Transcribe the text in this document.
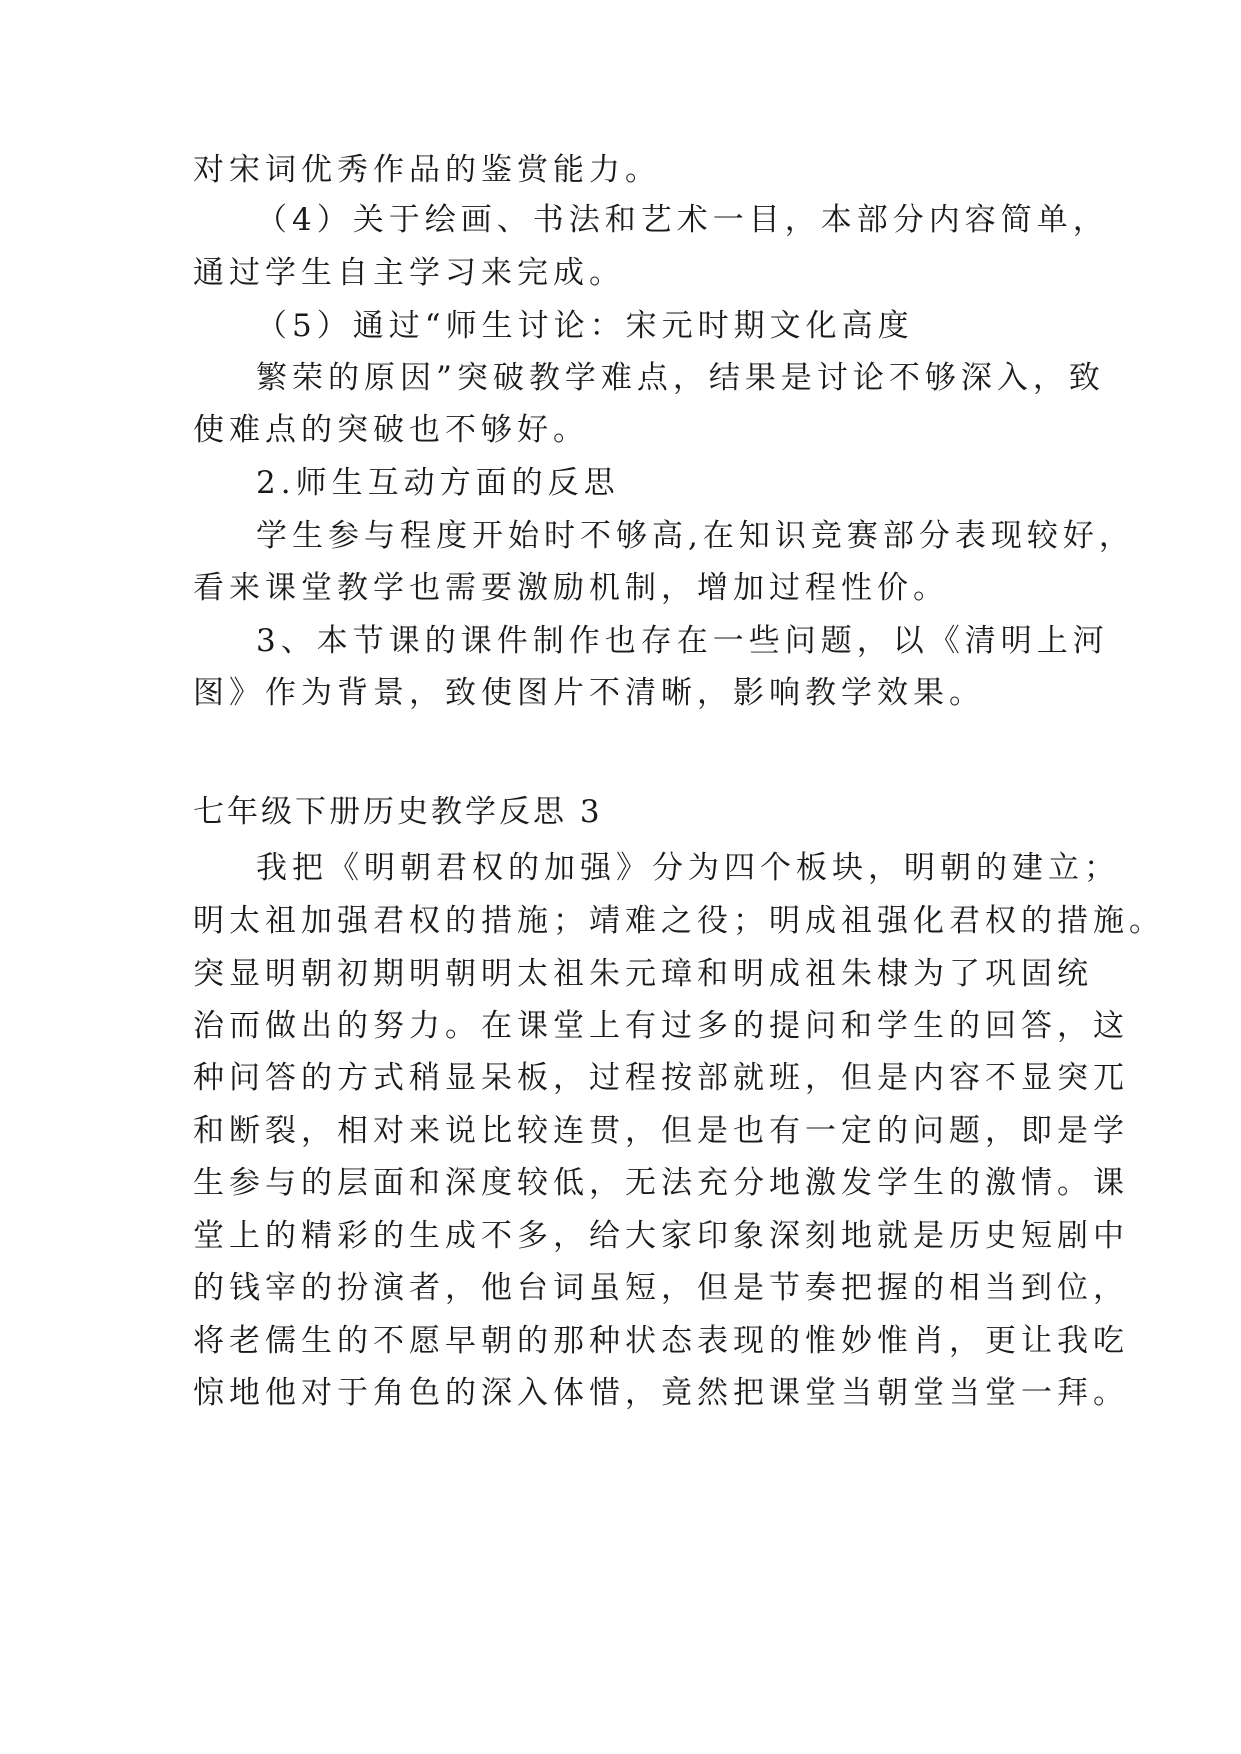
对宋词优秀作品的鉴赏能力。
（4）关于绘画、书法和艺术一目，本部分内容简单，
通过学生自主学习来完成。
（5）通过“师生讨论：宋元时期文化高度
繁荣的原因”突破教学难点，结果是讨论不够深入，致
使难点的突破也不够好。
2.师生互动方面的反思
学生参与程度开始时不够高,在知识竞赛部分表现较好，
看来课堂教学也需要激励机制，增加过程性价。
3、本节课的课件制作也存在一些问题，以《清明上河
图》作为背景，致使图片不清晰，影响教学效果。
七年级下册历史教学反思 3
我把《明朝君权的加强》分为四个板块，明朝的建立；
明太祖加强君权的措施；靖难之役；明成祖强化君权的措施。
突显明朝初期明朝明太祖朱元璋和明成祖朱棣为了巩固统
治而做出的努力。在课堂上有过多的提问和学生的回答，这
种问答的方式稍显呆板，过程按部就班，但是内容不显突兀
和断裂，相对来说比较连贯，但是也有一定的问题，即是学
生参与的层面和深度较低，无法充分地激发学生的激情。课
堂上的精彩的生成不多，给大家印象深刻地就是历史短剧中
的钱宰的扮演者，他台词虽短，但是节奏把握的相当到位，
将老儒生的不愿早朝的那种状态表现的惟妙惟肖，更让我吃
惊地他对于角色的深入体惜，竟然把课堂当朝堂当堂一拜。
